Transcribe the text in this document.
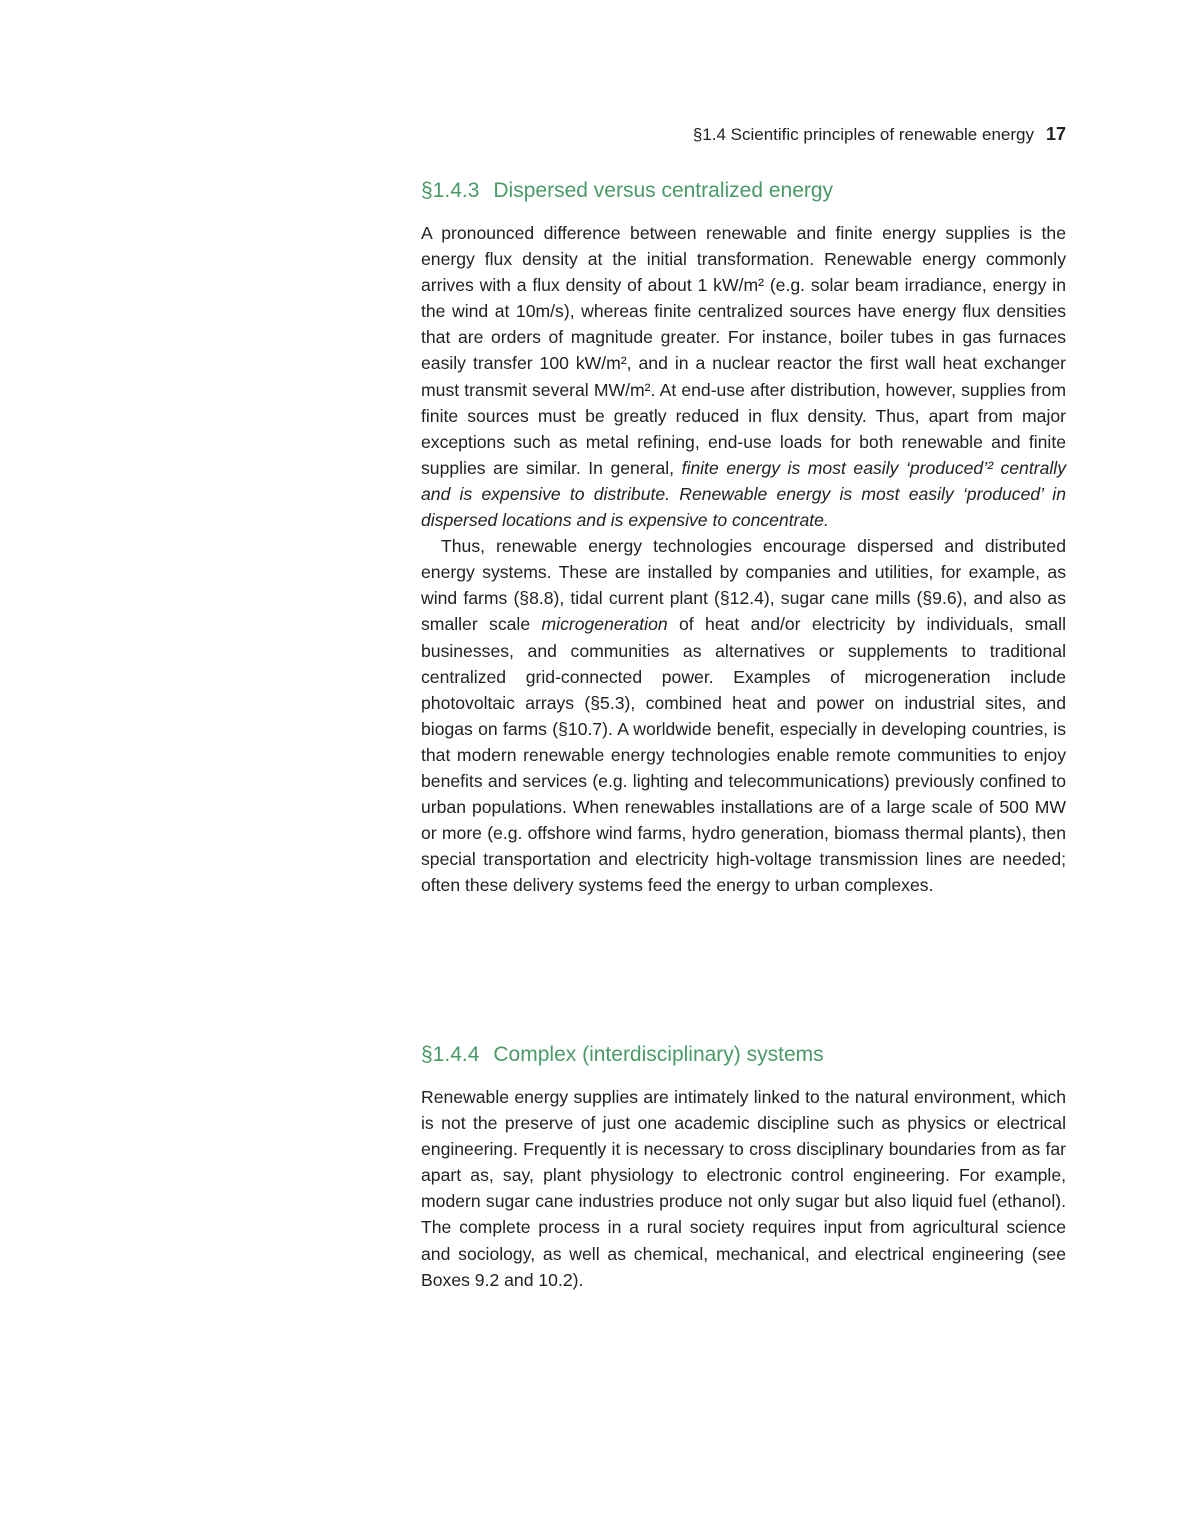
§1.4 Scientific principles of renewable energy 17
§1.4.3 Dispersed versus centralized energy

A pronounced difference between renewable and finite energy supplies is the energy flux density at the initial transformation. Renewable energy commonly arrives with a flux density of about 1 kW/m² (e.g. solar beam irradiance, energy in the wind at 10m/s), whereas finite centralized sources have energy flux densities that are orders of magnitude greater. For instance, boiler tubes in gas furnaces easily transfer 100 kW/m², and in a nuclear reactor the first wall heat exchanger must transmit several MW/m². At end-use after distribution, however, supplies from finite sources must be greatly reduced in flux density. Thus, apart from major exceptions such as metal refining, end-use loads for both renewable and finite supplies are similar. In general, finite energy is most easily ‘produced’² centrally and is expensive to distribute. Renewable energy is most easily ‘produced’ in dispersed locations and is expensive to concentrate.

Thus, renewable energy technologies encourage dispersed and distributed energy systems. These are installed by companies and utilities, for example, as wind farms (§8.8), tidal current plant (§12.4), sugar cane mills (§9.6), and also as smaller scale microgeneration of heat and/or electricity by individuals, small businesses, and communities as alternatives or supplements to traditional centralized grid-connected power. Examples of microgeneration include photovoltaic arrays (§5.3), combined heat and power on industrial sites, and biogas on farms (§10.7). A worldwide benefit, especially in developing countries, is that modern renewable energy technologies enable remote communities to enjoy benefits and services (e.g. lighting and telecommunications) previously confined to urban populations. When renewables installations are of a large scale of 500 MW or more (e.g. offshore wind farms, hydro generation, biomass thermal plants), then special transportation and electricity high-voltage transmission lines are needed; often these delivery systems feed the energy to urban complexes.

§1.4.4 Complex (interdisciplinary) systems

Renewable energy supplies are intimately linked to the natural environment, which is not the preserve of just one academic discipline such as physics or electrical engineering. Frequently it is necessary to cross disciplinary boundaries from as far apart as, say, plant physiology to electronic control engineering. For example, modern sugar cane industries produce not only sugar but also liquid fuel (ethanol). The complete process in a rural society requires input from agricultural science and sociology, as well as chemical, mechanical, and electrical engineering (see Boxes 9.2 and 10.2).
